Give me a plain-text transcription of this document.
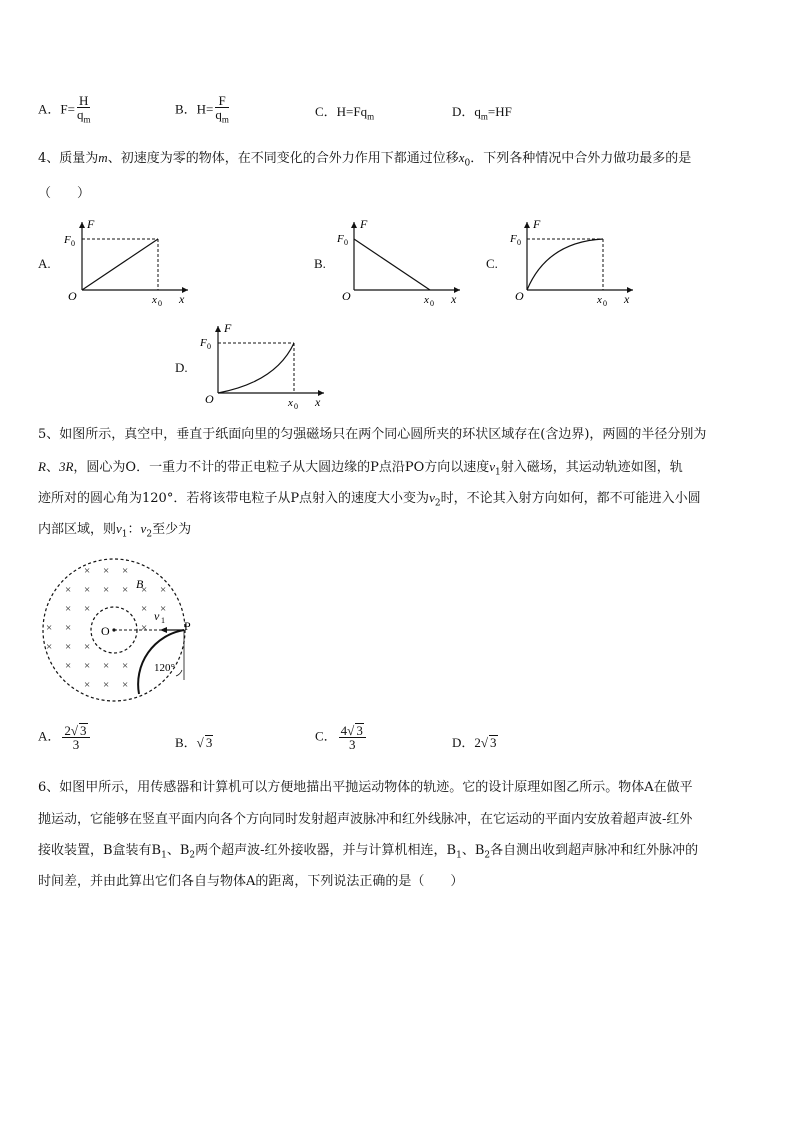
A．$F= \frac{H}{q_m}$	B．$H= \frac{F}{q_m}$	C．$H=Fq_m$	D．$q_m=HF$
4、质量为m、初速度为零的物体，在不同变化的合外力作用下都通过位移$x_0$．下列各种情况中合外力做功最多的是
（　　）
A.
F
F 0
O	x 0 x
B.
F
F 0
O	x 0 x
C.
F
F 0
O	x 0 x
D.
F
F 0
O	x 0 x
5、如图所示，真空中，垂直于纸面向里的匀强磁场只在两个同心圆所夹的环状区域存在(含边界)，两圆的半径分别为
R、3R，圆心为O．一重力不计的带正电粒子从大圆边缘的P点沿PO方向以速度$v_1$射入磁场，其运动轨迹如图，轨
迹所对的圆心角为120°．若将该带电粒子从P点射入的速度大小变为$v_2$时，不论其入射方向如何，都不可能进入小圆
内部区域，则$v_1$：$v_2$至少为
× × ×
× × × × × ×
× ×	× ×
× ×	×
× × ×
× × × ×
× × ×
B
O	P
v 1
120°
A． $\frac{2√ 3}{3}$	B．√ 3	C． $\frac{4√ 3}{3}$	D．2√ 3
6、如图甲所示，用传感器和计算机可以方便地描出平抛运动物体的轨迹。它的设计原理如图乙所示。物体A在做平
抛运动，它能够在竖直平面内向各个方向同时发射超声波脉冲和红外线脉冲，在它运动的平面内安放着超声波-红外
接收装置，B盒装有$B_1$、$B_2$两个超声波-红外接收器，并与计算机相连，$B_1$、$B_2$各自测出收到超声脉冲和红外脉冲的
时间差，并由此算出它们各自与物体A的距离，下列说法正确的是（　　）
